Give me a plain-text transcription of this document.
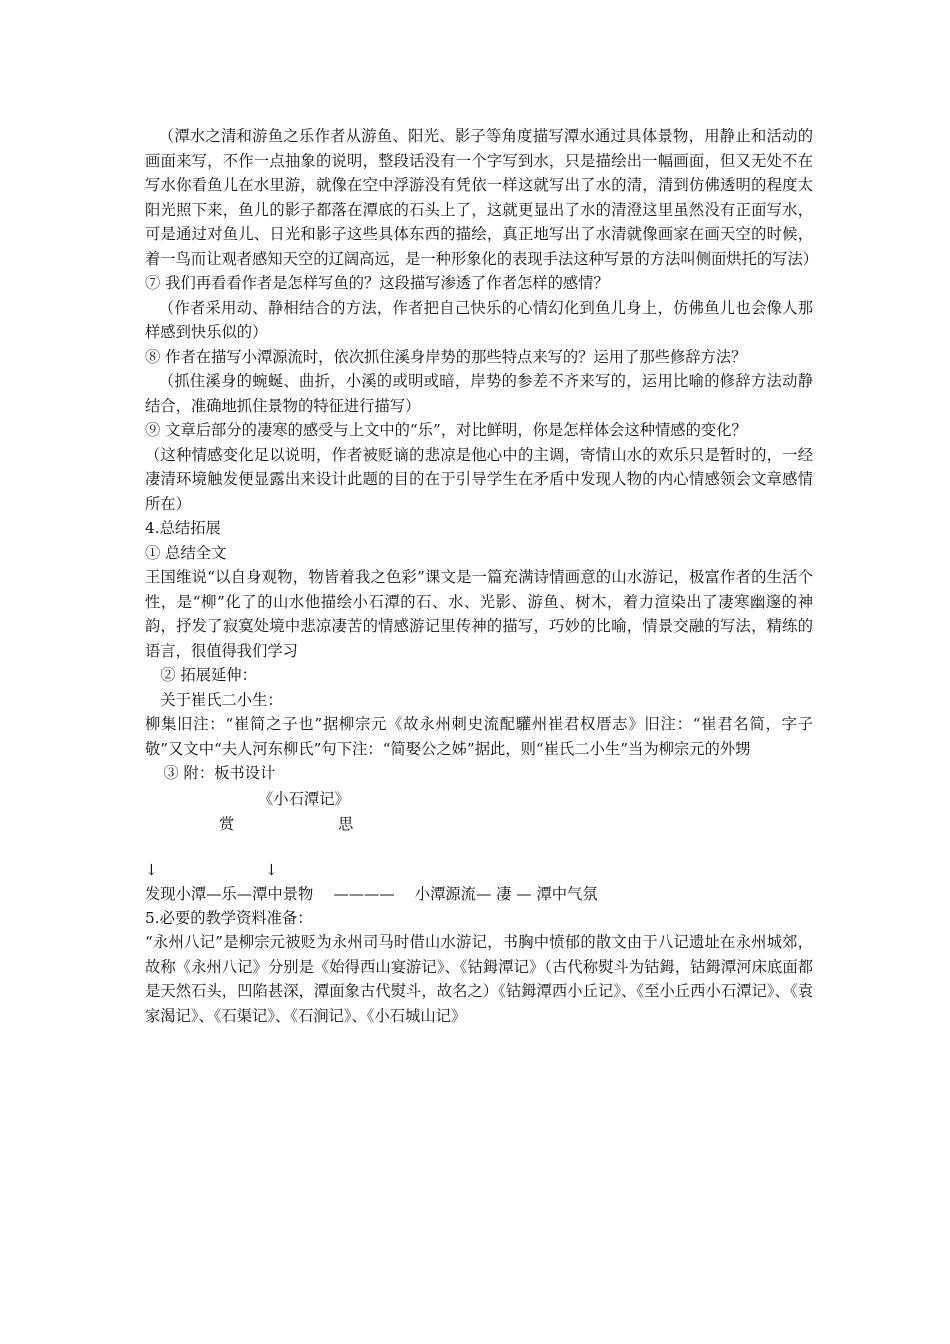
（潭水之清和游鱼之乐作者从游鱼、阳光、影子等角度描写潭水通过具体景物，用静止和活动的画面来写，不作一点抽象的说明，整段话没有一个字写到水，只是描绘出一幅画面，但又无处不在写水你看鱼儿在水里游，就像在空中浮游没有凭依一样这就写出了水的清，清到仿佛透明的程度太阳光照下来，鱼儿的影子都落在潭底的石头上了，这就更显出了水的清澄这里虽然没有正面写水，可是通过对鱼儿、日光和影子这些具体东西的描绘，真正地写出了水清就像画家在画天空的时候，着一鸟而让观者感知天空的辽阔高远，是一种形象化的表现手法这种写景的方法叫侧面烘托的写法）

⑦ 我们再看看作者是怎样写鱼的？这段描写渗透了作者怎样的感情？

（作者采用动、静相结合的方法，作者把自己快乐的心情幻化到鱼儿身上，仿佛鱼儿也会像人那样感到快乐似的）

⑧ 作者在描写小潭源流时，依次抓住溪身岸势的那些特点来写的？运用了那些修辞方法？

（抓住溪身的蜿蜒、曲折，小溪的或明或暗，岸势的参差不齐来写的，运用比喻的修辞方法动静结合，准确地抓住景物的特征进行描写）

⑨ 文章后部分的凄寒的感受与上文中的“乐”，对比鲜明，你是怎样体会这种情感的变化？

（这种情感变化足以说明，作者被贬谪的悲凉是他心中的主调，寄情山水的欢乐只是暂时的，一经凄清环境触发便显露出来设计此题的目的在于引导学生在矛盾中发现人物的内心情感领会文章感情所在）

4.总结拓展

① 总结全文

王国维说“以自身观物，物皆着我之色彩”课文是一篇充满诗情画意的山水游记，极富作者的生活个性，是“柳”化了的山水他描绘小石潭的石、水、光影、游鱼、树木，着力渲染出了凄寒幽邃的神韵，抒发了寂寞处境中悲凉凄苦的情感游记里传神的描写，巧妙的比喻，情景交融的写法，精练的语言，很值得我们学习

② 拓展延伸：

关于崔氏二小生：

柳集旧注：“崔简之子也”据柳宗元《故永州刺史流配驩州崔君权厝志》旧注：“崔君名简，字子敬”又文中“夫人河东柳氏”句下注：“简娶公之姊”据此，则“崔氏二小生”当为柳宗元的外甥

③ 附：板书设计

《小石潭记》
赏	思
↓	↓
发现小潭—乐—潭中景物　 ————　 小潭源流— 凄 — 潭中气氛

5.必要的教学资料准备：

“永州八记”是柳宗元被贬为永州司马时借山水游记，书胸中愤郁的散文由于八记遗址在永州城郊，故称《永州八记》分别是《始得西山宴游记》、《钴鉧潭记》（古代称熨斗为钴鉧，钴鉧潭河床底面都是天然石头，凹陷甚深，潭面象古代熨斗，故名之）《钴鉧潭西小丘记》、《至小丘西小石潭记》、《袁家渴记》、《石渠记》、《石涧记》、《小石城山记》
